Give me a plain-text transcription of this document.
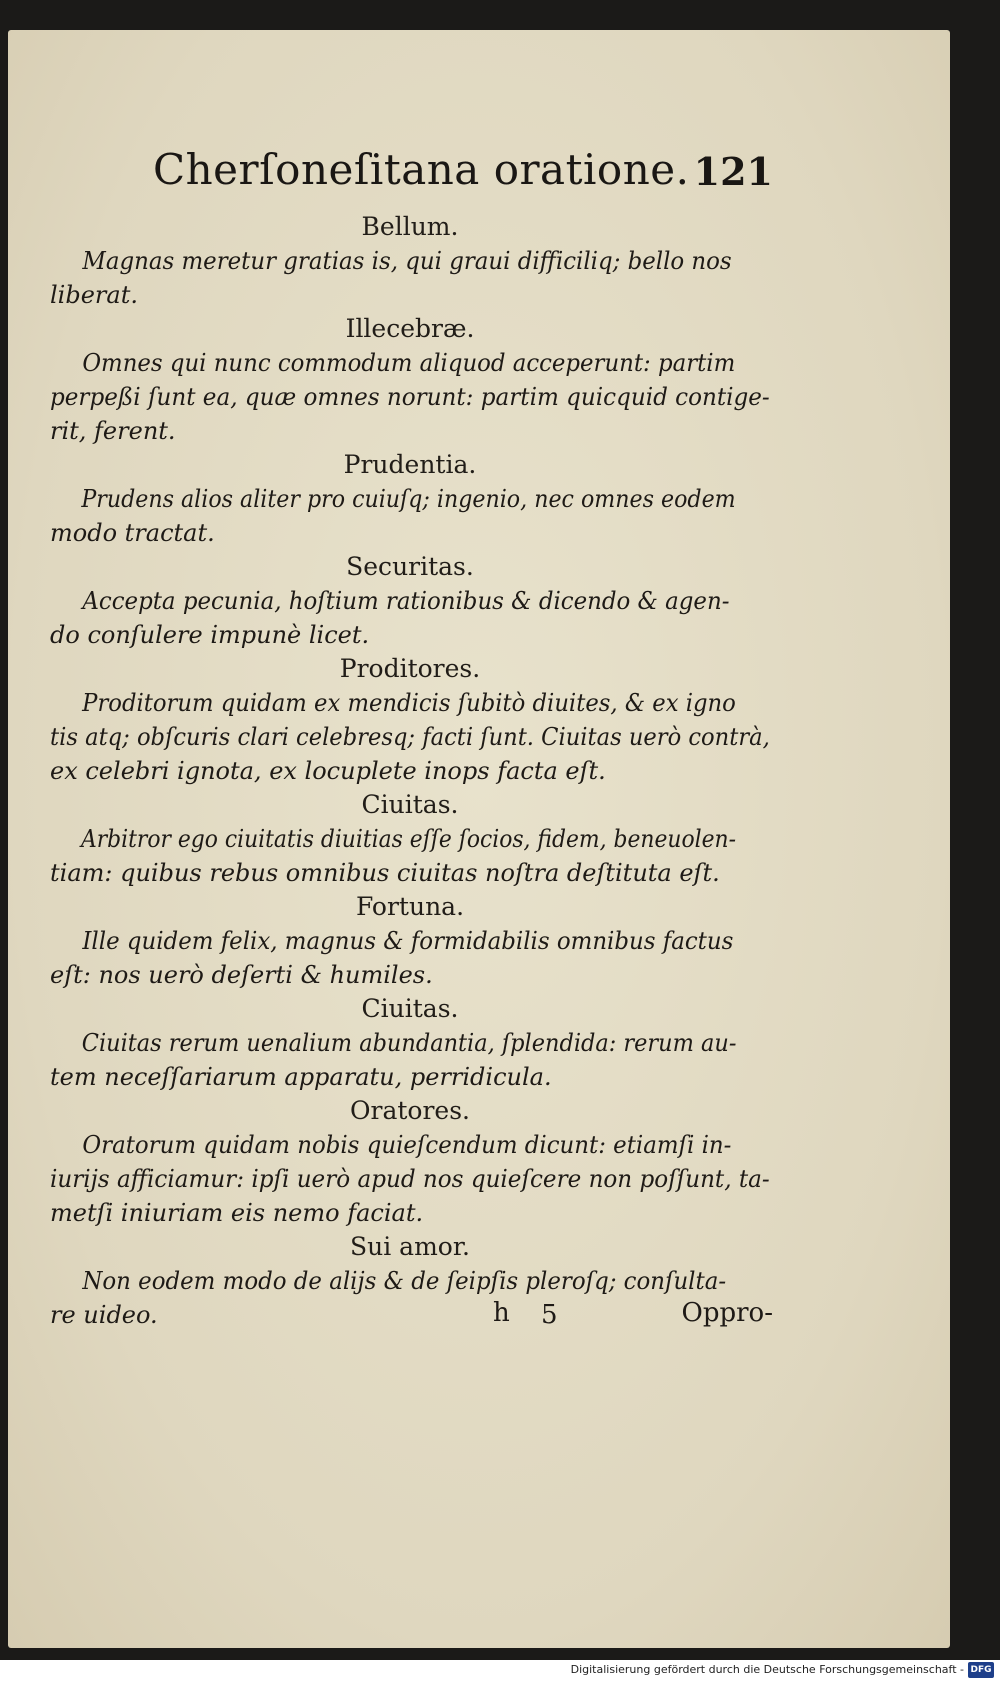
Cherſoneſitana oratione. 121
Bellum.
Magnas meretur gratias is, qui graui difficiliq; bello nos
liberat.
Illecebræ.
Omnes qui nunc commodum aliquod acceperunt: partim
perpeßi ſunt ea, quæ omnes norunt: partim quicquid contige-
rit, ferent.
Prudentia.
Prudens alios aliter pro cuiuſq; ingenio, nec omnes eodem
modo tractat.
Securitas.
Accepta pecunia, hoſtium rationibus & dicendo & agen-
do conſulere impunè licet.
Proditores.
Proditorum quidam ex mendicis ſubitò diuites, & ex igno
tis atq; obſcuris clari celebresq; facti ſunt. Ciuitas uerò contrà,
ex celebri ignota, ex locuplete inops facta eſt.
Ciuitas.
Arbitror ego ciuitatis diuitias eſſe ſocios, fidem, beneuolen-
tiam: quibus rebus omnibus ciuitas noſtra deſtituta eſt.
Fortuna.
Ille quidem felix, magnus & formidabilis omnibus factus
eſt: nos uerò deſerti & humiles.
Ciuitas.
Ciuitas rerum uenalium abundantia, ſplendida: rerum au-
tem neceſſariarum apparatu, perridicula.
Oratores.
Oratorum quidam nobis quieſcendum dicunt: etiamſi in-
iurijs afficiamur: ipſi uerò apud nos quieſcere non poſſunt, ta-
metſi iniuriam eis nemo faciat.
Sui amor.
Non eodem modo de alijs & de ſeipſis pleroſq; conſulta-
re uideo.	h 5	Oppro-
Digitalisierung gefördert durch die Deutsche Forschungsgemeinschaft - DFG
